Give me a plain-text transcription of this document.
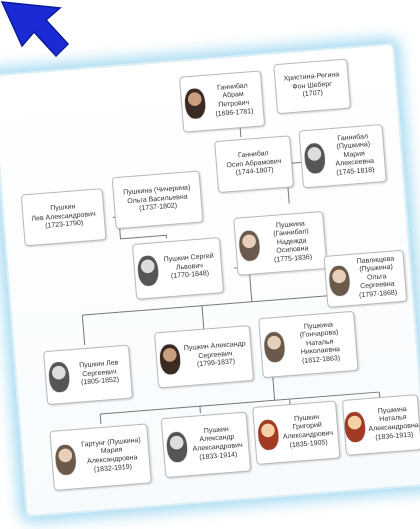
Ганнибал Абрам
Петрович
(1696-1781)
Христина-Регина
Фон Шеберг
(1707)
Пушкин
Лев Александрович
(1723-1790)
Пушкина (Чичерина)
Ольга Васильевна
(1737-1802)
Ганнибал
Осип Абрамович
(1744-1807)
Ганнибал (Пушкина)
Мария Алексеевна
(1745-1818)
Пушкин Сергей
Львович
(1770-1848)
Пушкина (Ганнибал)
Надежда Осиповна
(1775-1836)	Павлищева (Пушкина)
Ольга Сергеевна
(1797-1868)
Пушкин Лев
Сергеевич
(1805-1852)
Пушкин Александр
Сергеевич
(1799-1837)
Пушкина (Гончарова)
Наталья Николаевна
(1812-1863)
Гартунг (Пушкина)
Мария Александровна
(1832-1919)
Пушкин
Александр Александрович
(1833-1914)
Пушкин Григорий
Александрович
(1835-1905)
Пушкина Наталья
Александровна
(1836-1913)
